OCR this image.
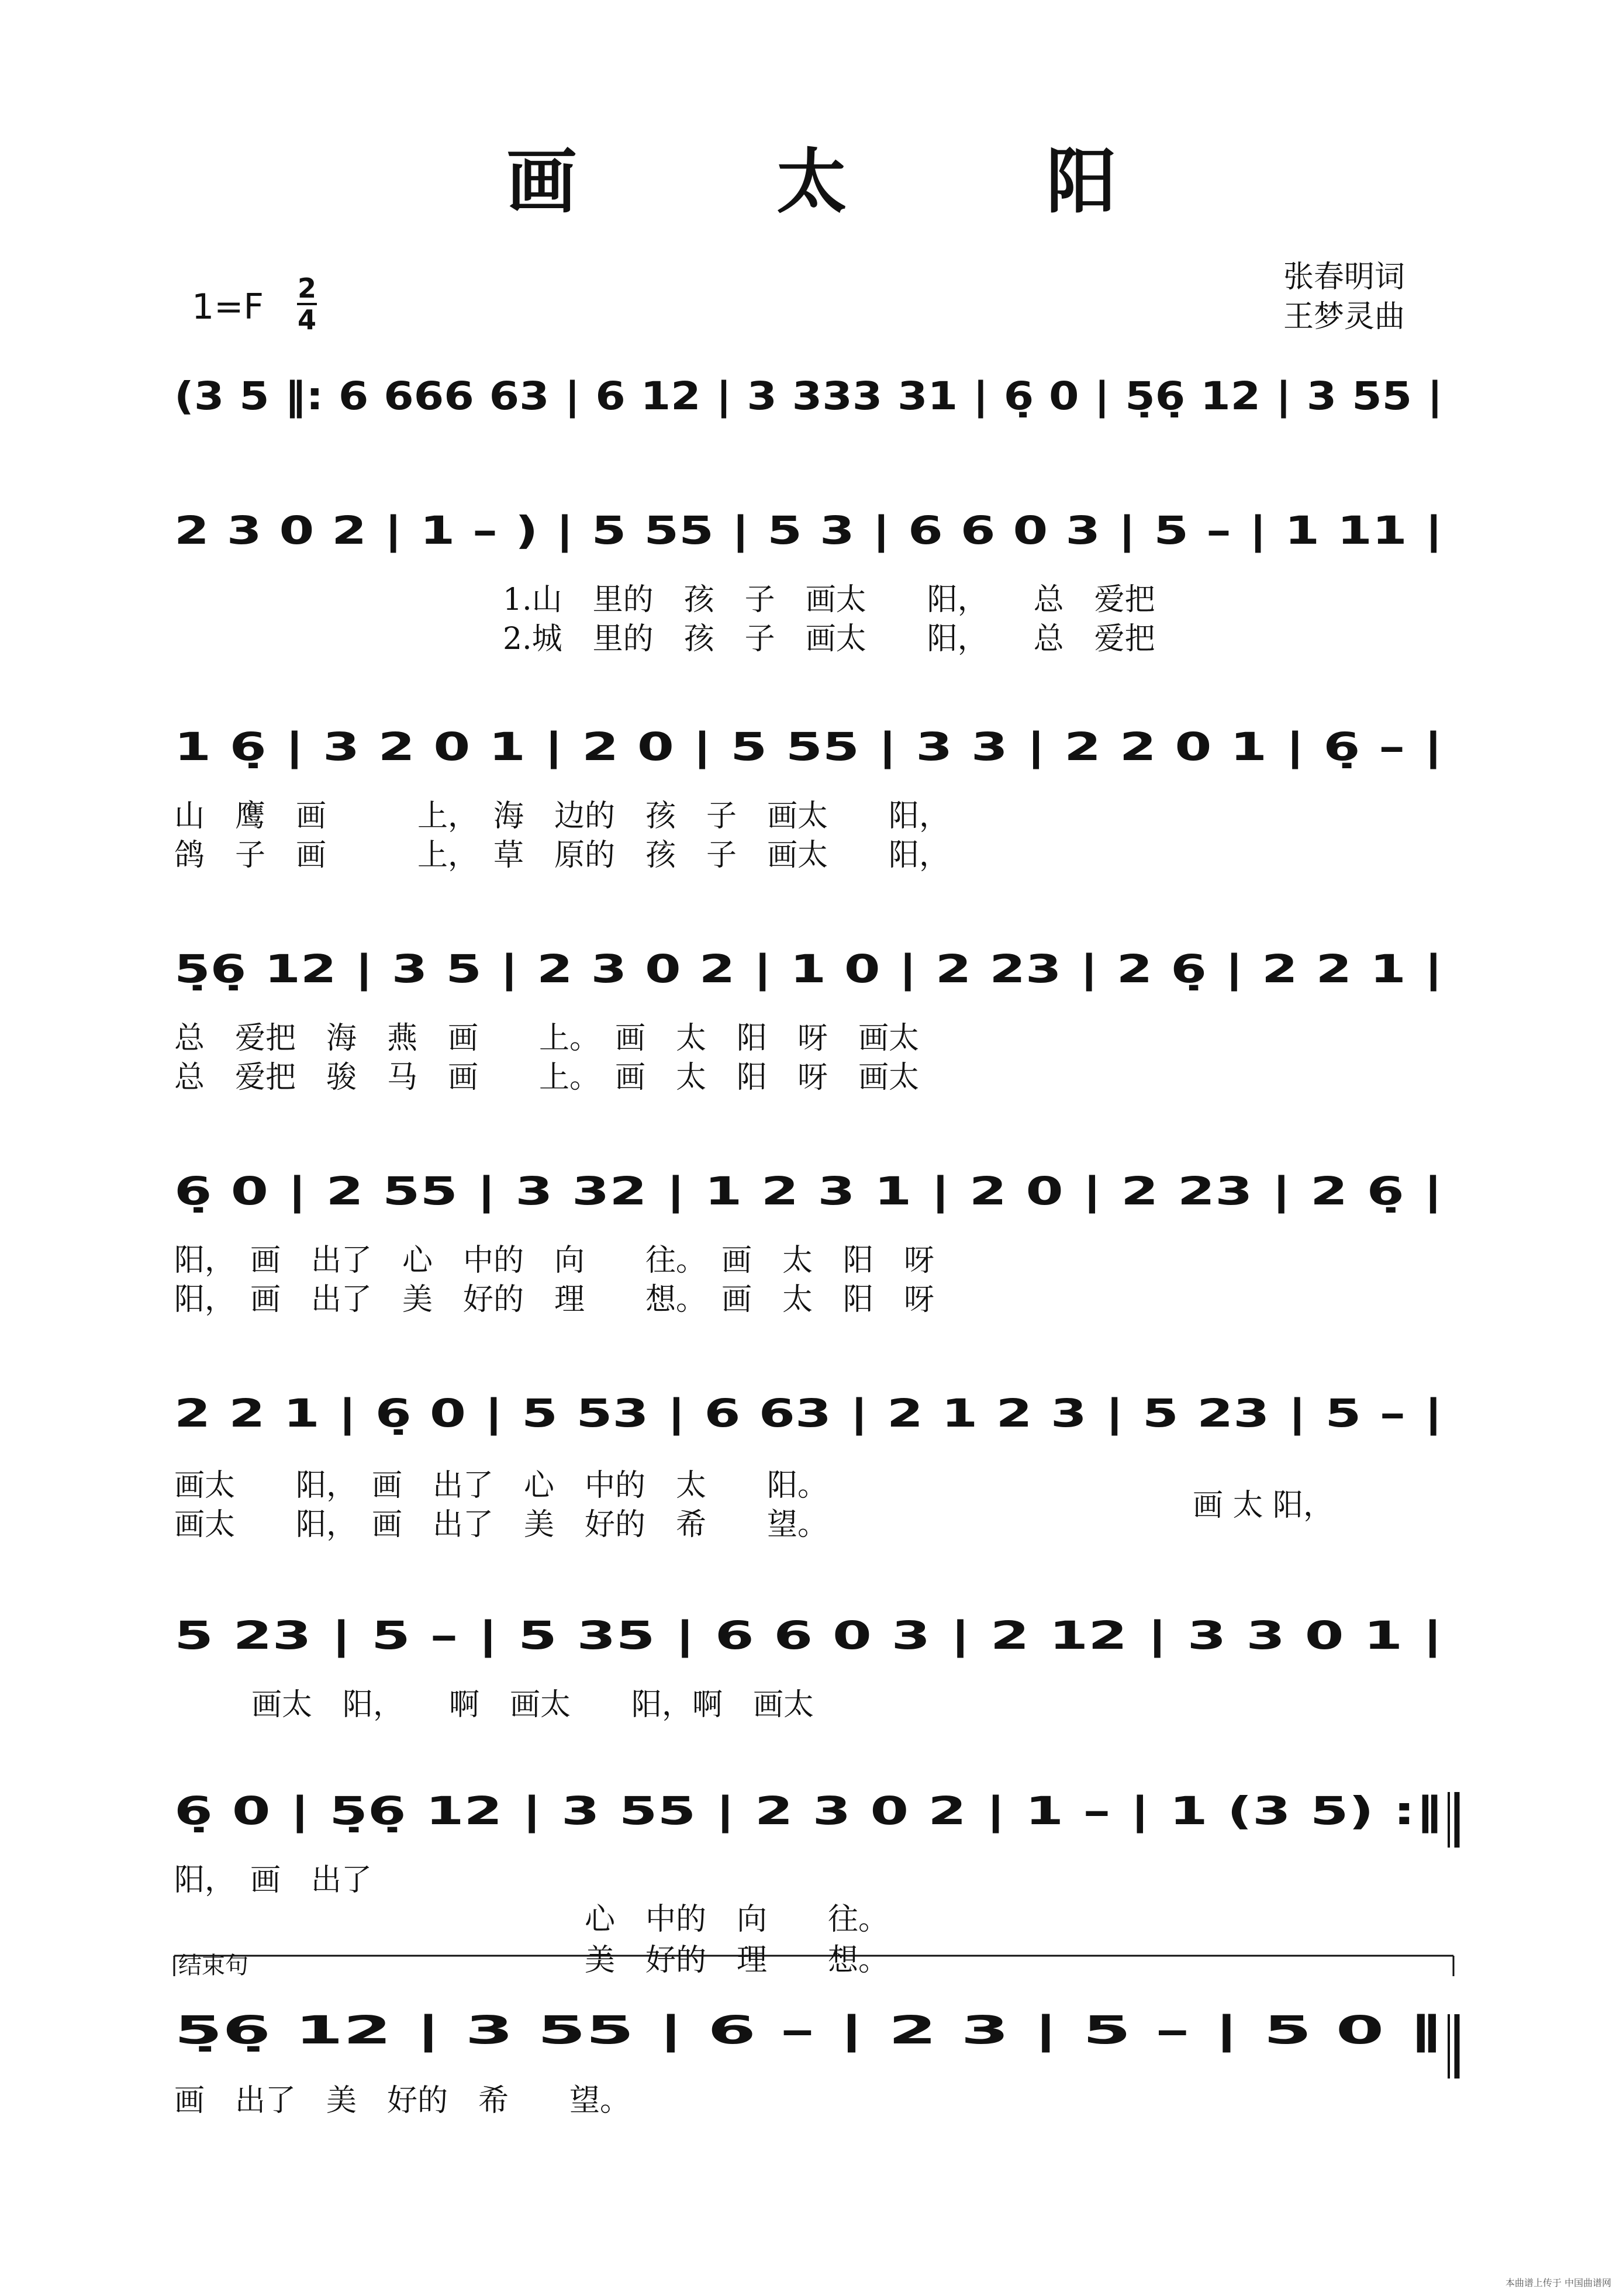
画 太 阳
张春明词
王梦灵曲
1=F 2
4
(3 5 ‖: 6 666 63 | 6 12 | 3 333 31 | 6̣ 0 | 5̣6̣ 12 | 3 55 |
2 3 0 2 | 1 – ) | 5 55 | 5 3 | 6 6 0 3 | 5 – | 1 11 |
1 6̣ | 3 2 0 1 | 2 0 | 5 55 | 3 3 | 2 2 0 1 | 6̣ – |
5̣6̣ 12 | 3 5 | 2 3 0 2 | 1 0 | 2 23 | 2 6̣ | 2 2 1 |
6̣ 0 | 2 55 | 3 32 | 1 2 3 1 | 2 0 | 2 23 | 2 6̣ |
2 2 1 | 6̣ 0 | 5 53 | 6 63 | 2 1 2 3 | 5 23 | 5 – |
5 23 | 5 – | 5 35 | 6 6 0 3 | 2 12 | 3 3 0 1 |
6̣ 0 | 5̣6̣ 12 | 3 55 | 2 3 0 2 | 1 – | 1 (3 5) :‖
5̣6̣ 12 | 3 55 | 6 – | 2 3 | 5 – | 5 0 ‖
1.山　里的　孩　子　画太　　阳，　　总　爱把
2.城　里的　孩　子　画太　　阳，　　总　爱把
山　鹰　画　　　上，　海　边的　孩　子　画太　　阳，
鸽　子　画　　　上，　草　原的　孩　子　画太　　阳，
总　爱把　海　燕　画　　上。　画　太　阳　呀　画太
总　爱把　骏　马　画　　上。　画　太　阳　呀　画太
阳，　画　出了　心　中的　向　　往。　画　太　阳　呀
阳，　画　出了　美　好的　理　　想。　画　太　阳　呀
画太　　阳，　画　出了　心　中的　太　　阳。
画太　　阳，　画　出了　美　好的　希　　望。
画 太 阳，
画太　阳，　　啊　画太　　阳，啊　画太
阳，　画　出了
心　中的　向　　往。
美　好的　理　　想。
画　出了　美　好的　希　　望。
结束句
本曲谱上传于 中国曲谱网
